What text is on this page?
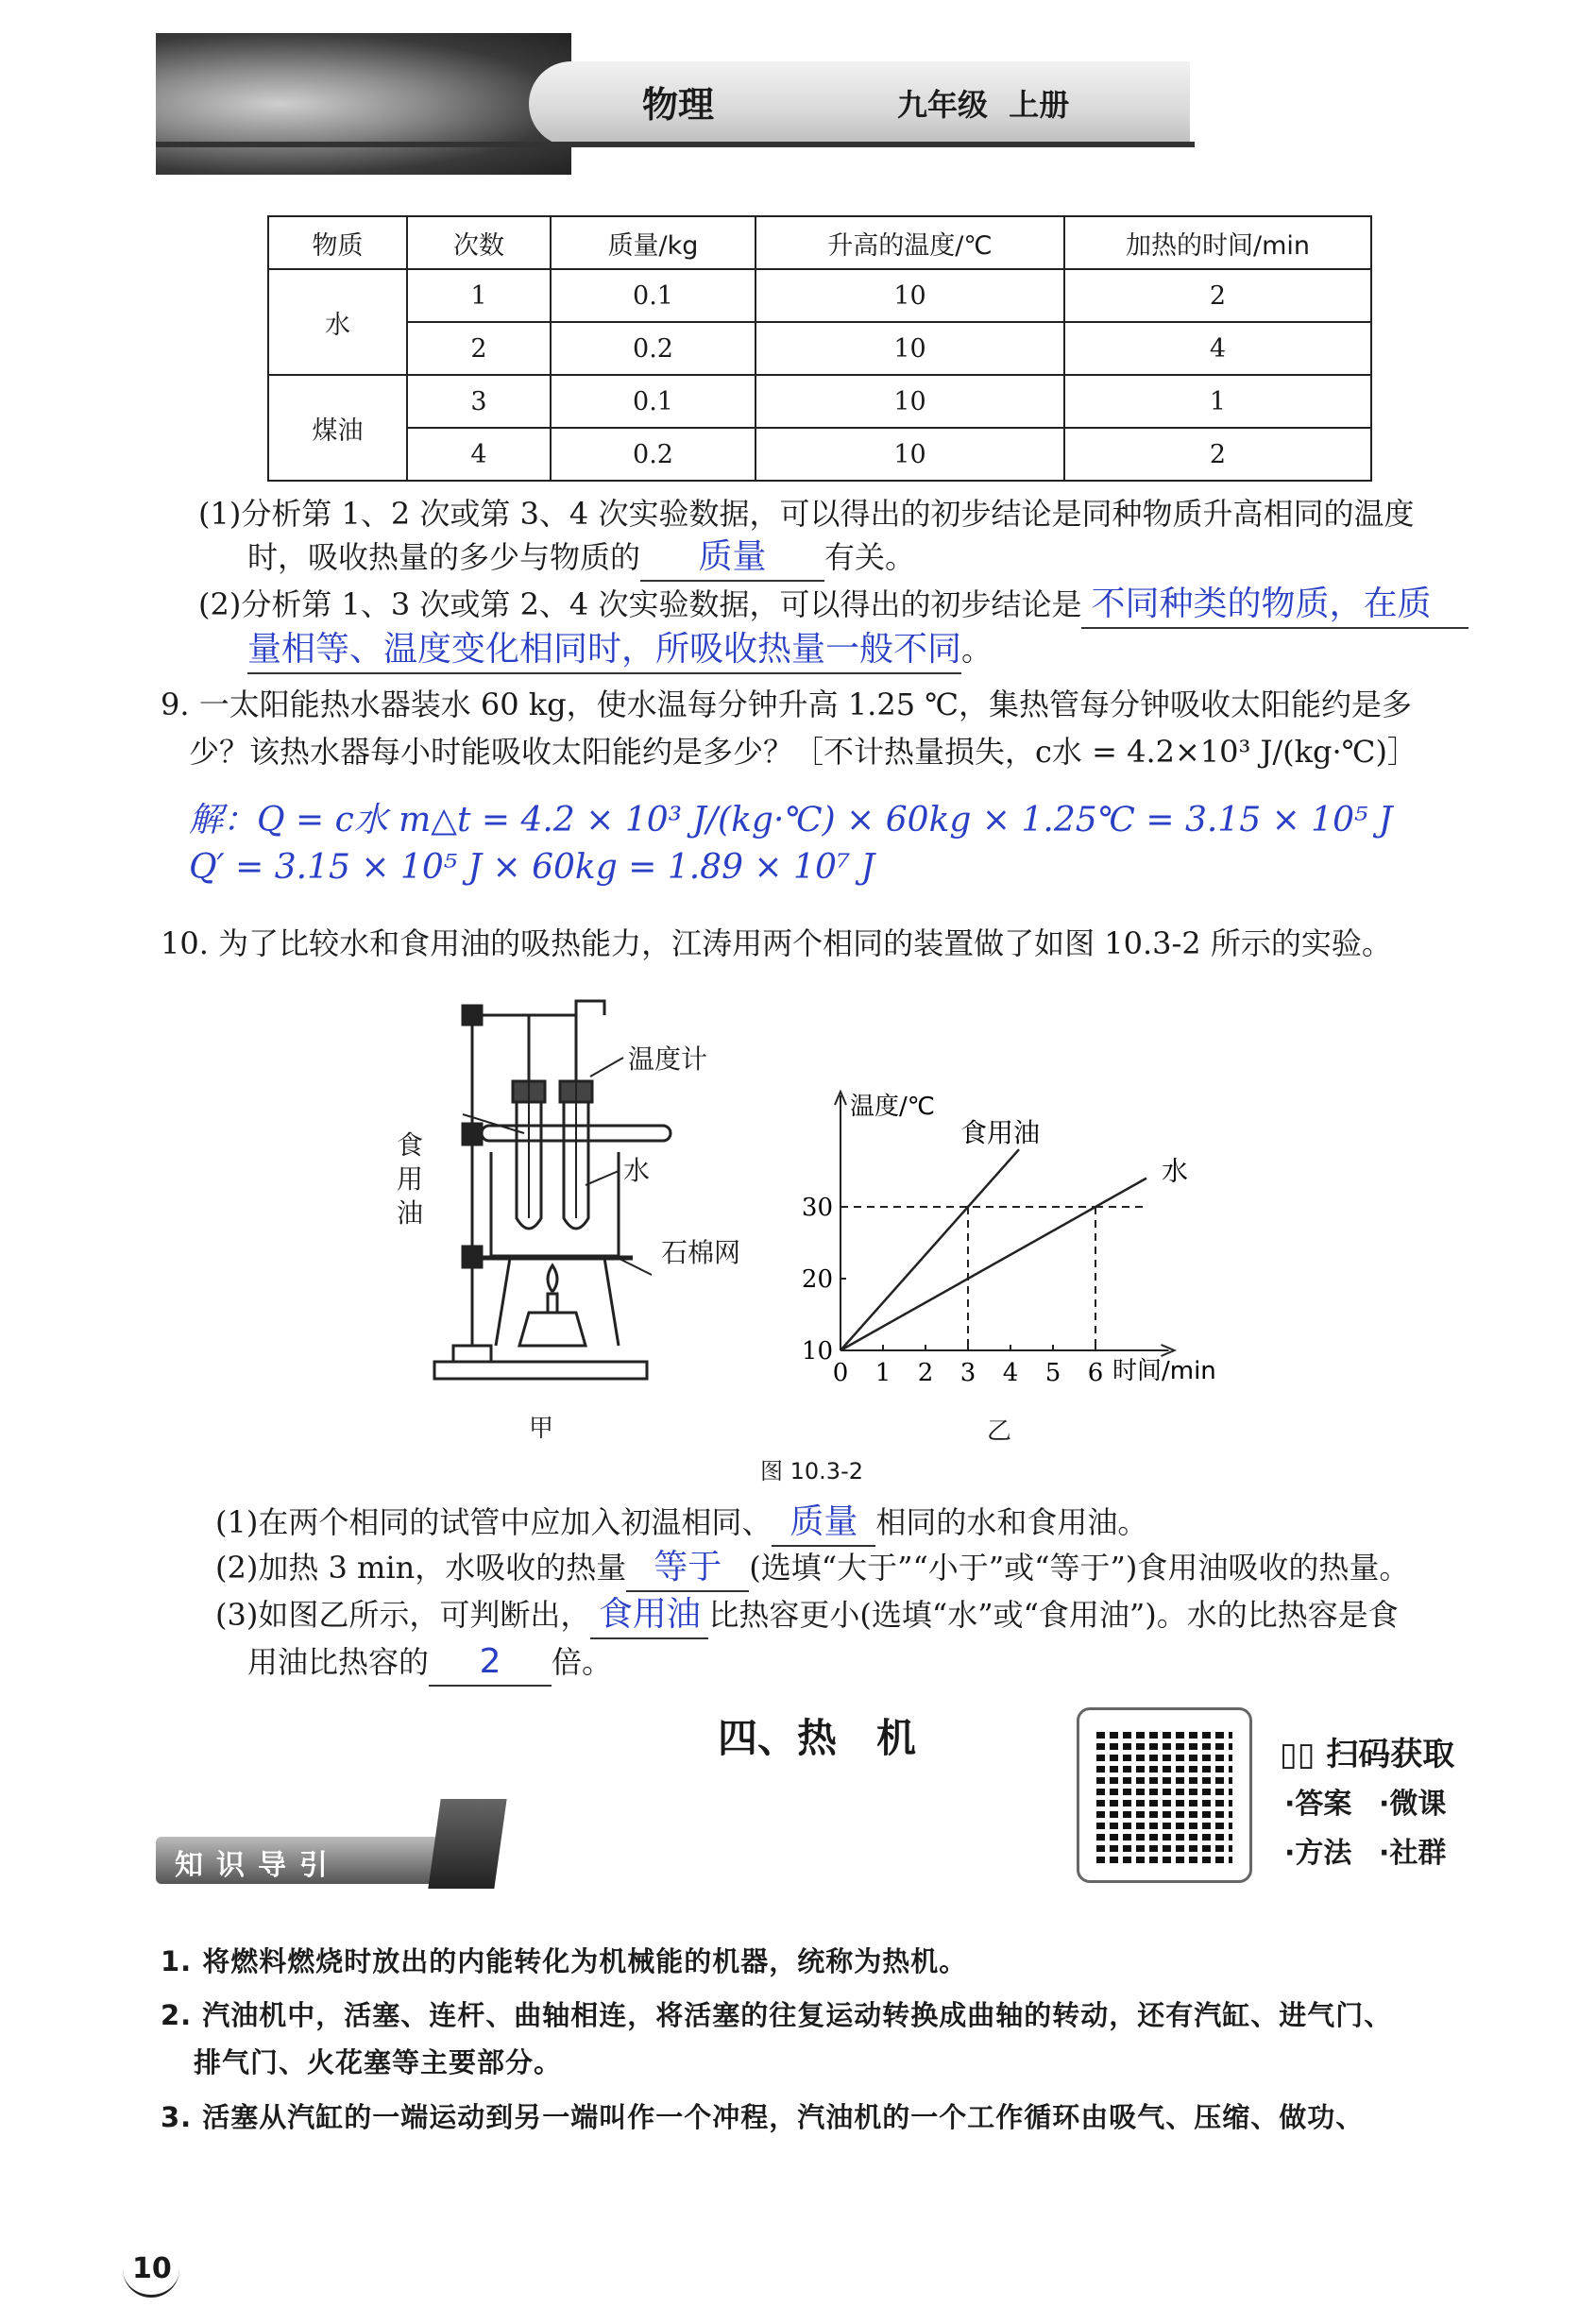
物理	九年级  上册
物质	次数	质量/kg	升高的温度/℃	加热的时间/min
水	1	0.1	10	2
	2	0.2	10	4
煤油	3	0.1	10	1
	4	0.2	10	2
(1)分析第 1、2 次或第 3、4 次实验数据，可以得出的初步结论是同种物质升高相同的温度
时，吸收热量的多少与物质的 质量 有关。
(2)分析第 1、3 次或第 2、4 次实验数据，可以得出的初步结论是 不同种类的物质，在质
量相等、温度变化相同时，所吸收热量一般不同。
9. 一太阳能热水器装水 60 kg，使水温每分钟升高 1.25 ℃，集热管每分钟吸收太阳能约是多
少？该热水器每小时能吸收太阳能约是多少？［不计热量损失，c水 = 4.2×10³ J/(kg·℃)］
解：Q = c水 m△t = 4.2 × 10³ J/(kg·℃) × 60kg × 1.25℃ = 3.15 × 10⁵ J
Q′ = 3.15 × 10⁵ J × 60kg = 1.89 × 10⁷ J
10. 为了比较水和食用油的吸热能力，江涛用两个相同的装置做了如图 10.3-2 所示的实验。
温度计
食
用
油
水
石棉网
甲	乙
图 10.3-2
0 1 2 3 4 5 6
10
20
30
食用油
水
温度/℃
时间/min
(1)在两个相同的试管中应加入初温相同、 质量 相同的水和食用油。
(2)加热 3 min，水吸收的热量 等于 (选填“大于”“小于”或“等于”)食用油吸收的热量。
(3)如图乙所示，可判断出， 食用油 比热容更小(选填“水”或“食用油”)。水的比热容是食
用油比热容的 2 倍。
四、热　机	▯▯ 扫码获取
·答案 ·微课
·方法 ·社群
知识导引
1. 将燃料燃烧时放出的内能转化为机械能的机器，统称为热机。
2. 汽油机中，活塞、连杆、曲轴相连，将活塞的往复运动转换成曲轴的转动，还有汽缸、进气门、
排气门、火花塞等主要部分。
3. 活塞从汽缸的一端运动到另一端叫作一个冲程，汽油机的一个工作循环由吸气、压缩、做功、
10
